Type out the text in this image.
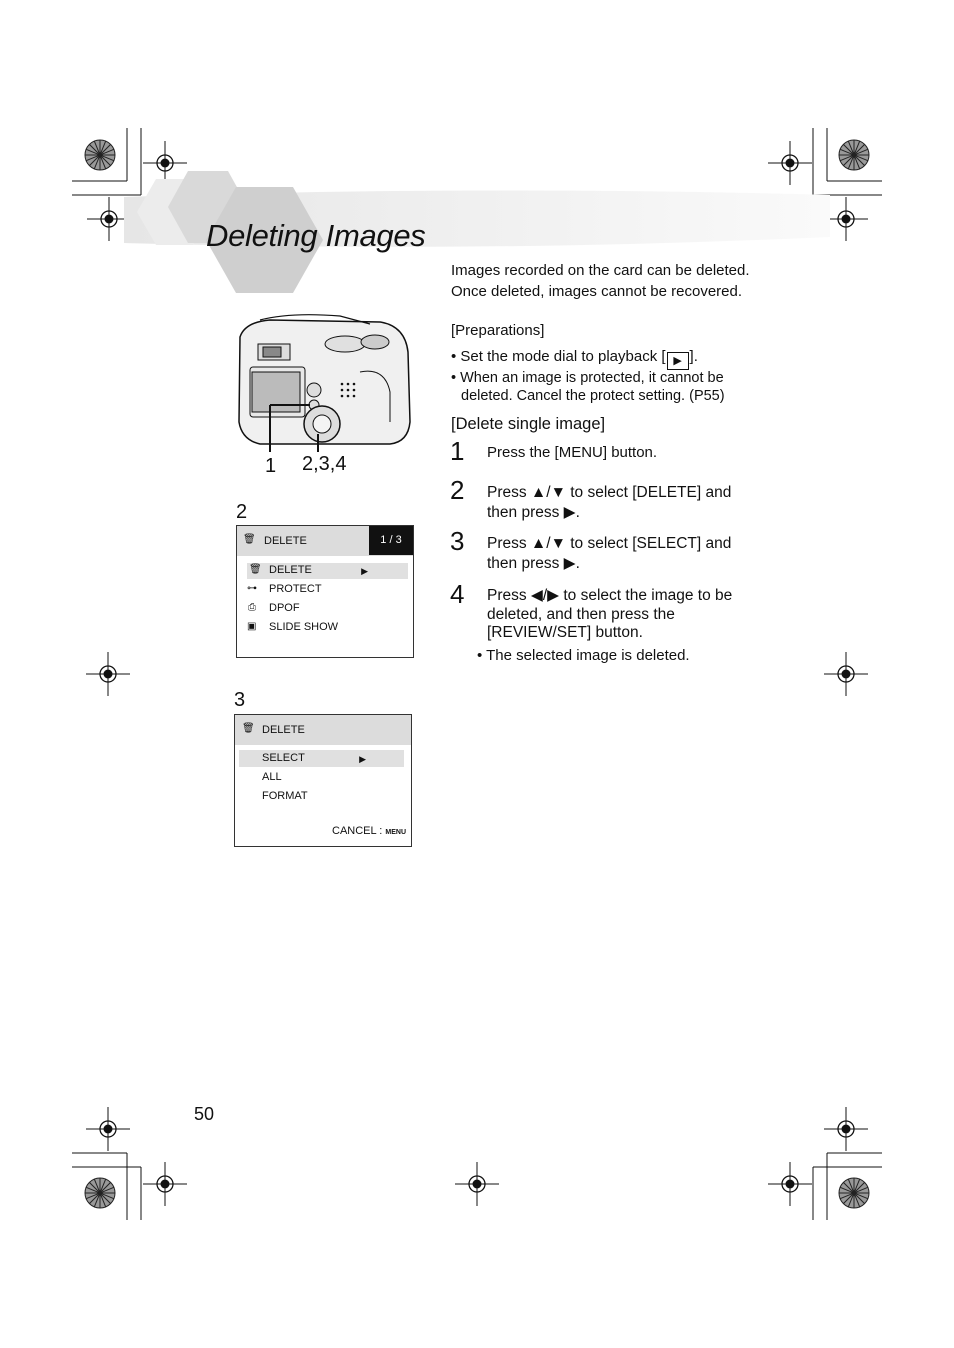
Deleting Images
1 2,3,4
2
🗑 DELETE	1 / 3
🗑 DELETE	▶
⊶ PROTECT
⎙ DPOF
▣ SLIDE SHOW
3
🗑 DELETE
SELECT	▶
ALL
FORMAT
CANCEL : MENU
Images recorded on the card can be deleted. Once deleted, images cannot be recovered.
[Preparations]
• Set the mode dial to playback [ ▶ ].
• When an image is protected, it cannot be
deleted. Cancel the protect setting. (P55)
[Delete single image]
1 Press the [MENU] button.
2 Press ▲/▼ to select [DELETE] and then press ▶.
3 Press ▲/▼ to select [SELECT] and then press ▶.
4 Press ◀/▶ to select the image to be deleted, and then press the [REVIEW/SET] button.
• The selected image is deleted.
50
